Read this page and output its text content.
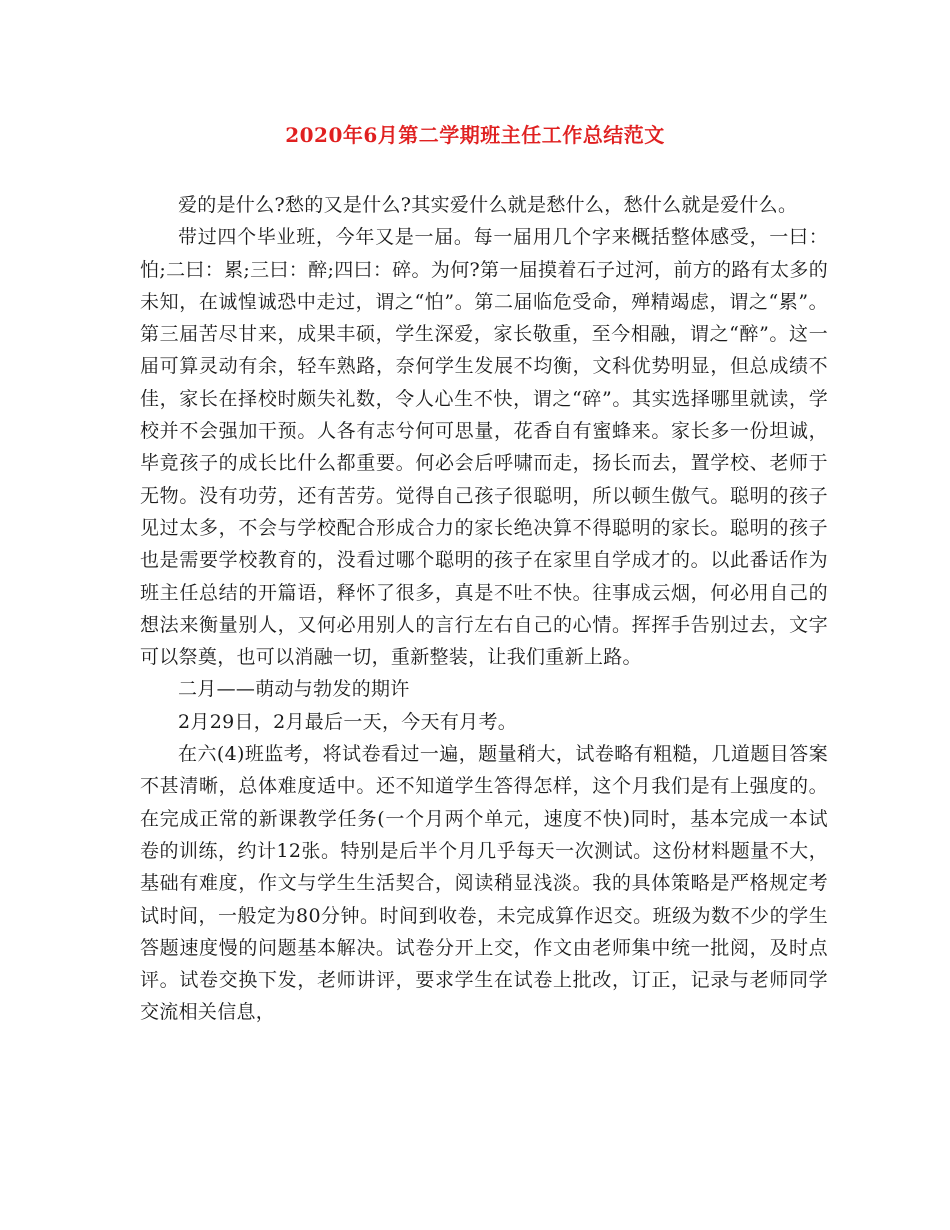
2020年6月第二学期班主任工作总结范文

爱的是什么?愁的又是什么?其实爱什么就是愁什么，愁什么就是爱什么。

带过四个毕业班，今年又是一届。每一届用几个字来概括整体感受，一曰：怕;二曰：累;三曰：醉;四曰：碎。为何?第一届摸着石子过河，前方的路有太多的未知，在诚惶诚恐中走过，谓之“怕”。第二届临危受命，殚精竭虑，谓之“累”。第三届苦尽甘来，成果丰硕，学生深爱，家长敬重，至今相融，谓之“醉”。这一届可算灵动有余，轻车熟路，奈何学生发展不均衡，文科优势明显，但总成绩不佳，家长在择校时颇失礼数，令人心生不快，谓之“碎”。其实选择哪里就读，学校并不会强加干预。人各有志兮何可思量，花香自有蜜蜂来。家长多一份坦诚，毕竟孩子的成长比什么都重要。何必会后呼啸而走，扬长而去，置学校、老师于无物。没有功劳，还有苦劳。觉得自己孩子很聪明，所以顿生傲气。聪明的孩子见过太多，不会与学校配合形成合力的家长绝决算不得聪明的家长。聪明的孩子也是需要学校教育的，没看过哪个聪明的孩子在家里自学成才的。以此番话作为班主任总结的开篇语，释怀了很多，真是不吐不快。往事成云烟，何必用自己的想法来衡量别人，又何必用别人的言行左右自己的心情。挥挥手告别过去，文字可以祭奠，也可以消融一切，重新整装，让我们重新上路。

二月——萌动与勃发的期许

2月29日，2月最后一天，今天有月考。

在六(4)班监考，将试卷看过一遍，题量稍大，试卷略有粗糙，几道题目答案不甚清晰，总体难度适中。还不知道学生答得怎样，这个月我们是有上强度的。在完成正常的新课教学任务(一个月两个单元，速度不快)同时，基本完成一本试卷的训练，约计12张。特别是后半个月几乎每天一次测试。这份材料题量不大，基础有难度，作文与学生生活契合，阅读稍显浅淡。我的具体策略是严格规定考试时间，一般定为80分钟。时间到收卷，未完成算作迟交。班级为数不少的学生答题速度慢的问题基本解决。试卷分开上交，作文由老师集中统一批阅，及时点评。试卷交换下发，老师讲评，要求学生在试卷上批改，订正，记录与老师同学交流相关信息，
